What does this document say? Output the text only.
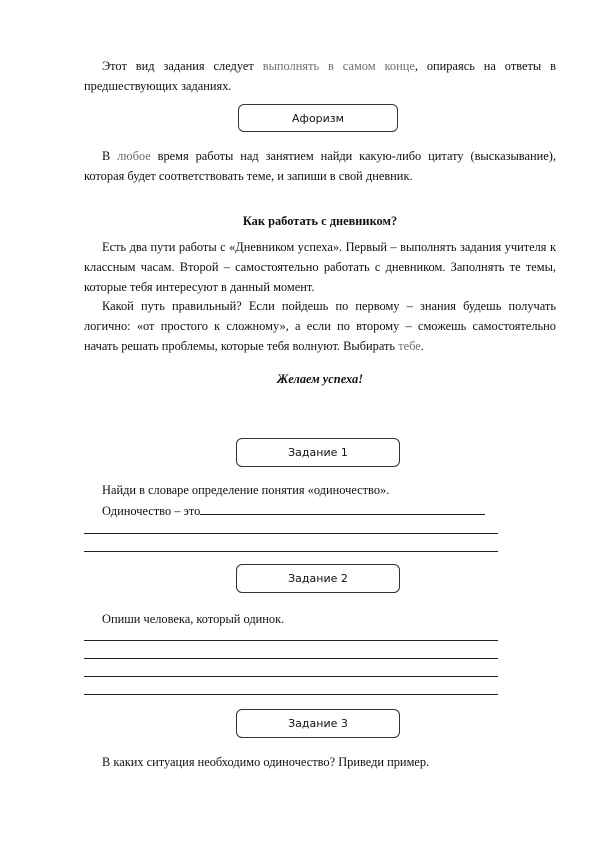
Этот вид задания следует выполнять в самом конце, опираясь на ответы в предшествующих заданиях.

Афоризм

В любое время работы над занятием найди какую-либо цитату (высказывание), которая будет соответствовать теме, и запиши в свой дневник.

Как работать с дневником?

Есть два пути работы с «Дневником успеха». Первый – выполнять задания учителя к классным часам. Второй – самостоятельно работать с дневником. Заполнять те темы, которые тебя интересуют в данный момент.

Какой путь правильный? Если пойдешь по первому – знания будешь получать логично: «от простого к сложному», а если по второму – сможешь самостоятельно начать решать проблемы, которые тебя волнуют. Выбирать тебе.

Желаем успеха!

Задание 1

Найди в словаре определение понятия «одиночество».

Одиночество – это

Задание 2

Опиши человека, который одинок.

Задание 3

В каких ситуация необходимо одиночество? Приведи пример.
